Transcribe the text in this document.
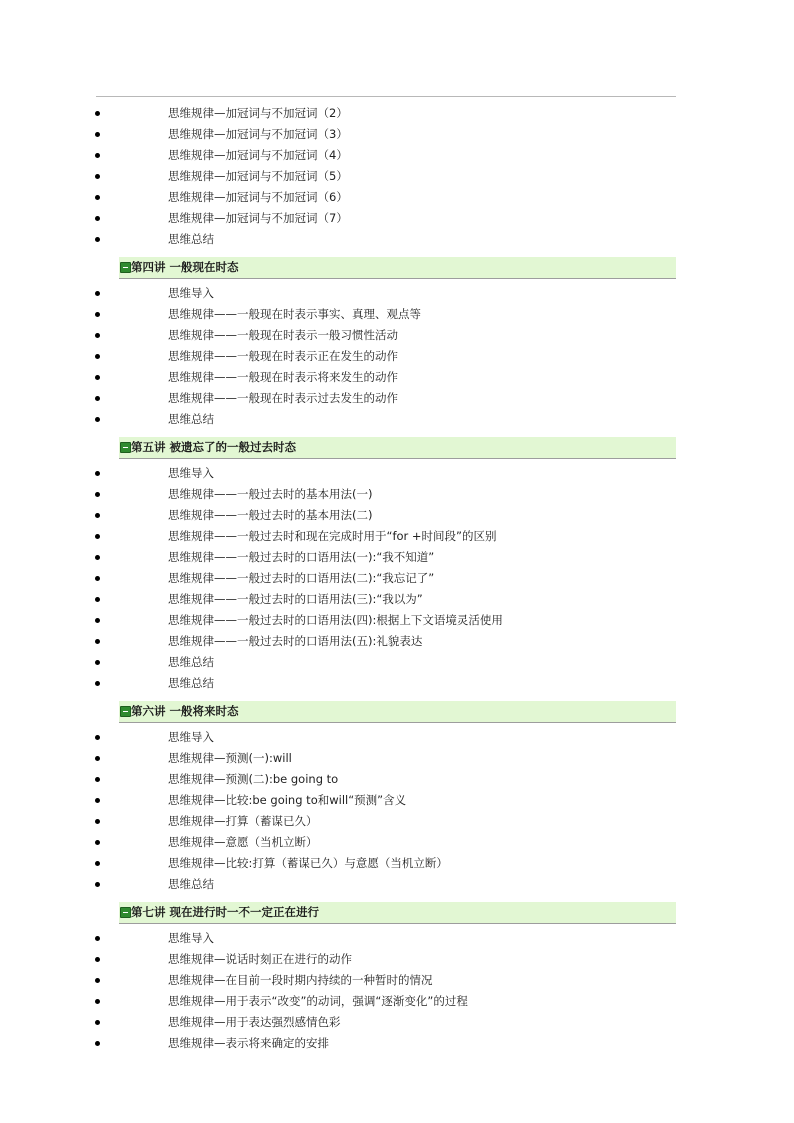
思维规律—加冠词与不加冠词（2）
思维规律—加冠词与不加冠词（3）
思维规律—加冠词与不加冠词（4）
思维规律—加冠词与不加冠词（5）
思维规律—加冠词与不加冠词（6）
思维规律—加冠词与不加冠词（7）
思维总结
第四讲 一般现在时态
思维导入
思维规律——一般现在时表示事实、真理、观点等
思维规律——一般现在时表示一般习惯性活动
思维规律——一般现在时表示正在发生的动作
思维规律——一般现在时表示将来发生的动作
思维规律——一般现在时表示过去发生的动作
思维总结
第五讲 被遗忘了的一般过去时态
思维导入
思维规律——一般过去时的基本用法(一)
思维规律——一般过去时的基本用法(二)
思维规律——一般过去时和现在完成时用于“for +时间段”的区别
思维规律——一般过去时的口语用法(一):“我不知道”
思维规律——一般过去时的口语用法(二):“我忘记了”
思维规律——一般过去时的口语用法(三):“我以为”
思维规律——一般过去时的口语用法(四):根据上下文语境灵活使用
思维规律——一般过去时的口语用法(五):礼貌表达
思维总结
思维总结
第六讲 一般将来时态
思维导入
思维规律—预测(一):will
思维规律—预测(二):be going to
思维规律—比较:be going to和will“预测”含义
思维规律—打算（蓄谋已久）
思维规律—意愿（当机立断）
思维规律—比较:打算（蓄谋已久）与意愿（当机立断）
思维总结
第七讲 现在进行时一不一定正在进行
思维导入
思维规律—说话时刻正在进行的动作
思维规律—在目前一段时期内持续的一种暂时的情况
思维规律—用于表示“改变”的动词，强调“逐渐变化”的过程
思维规律—用于表达强烈感情色彩
思维规律—表示将来确定的安排
